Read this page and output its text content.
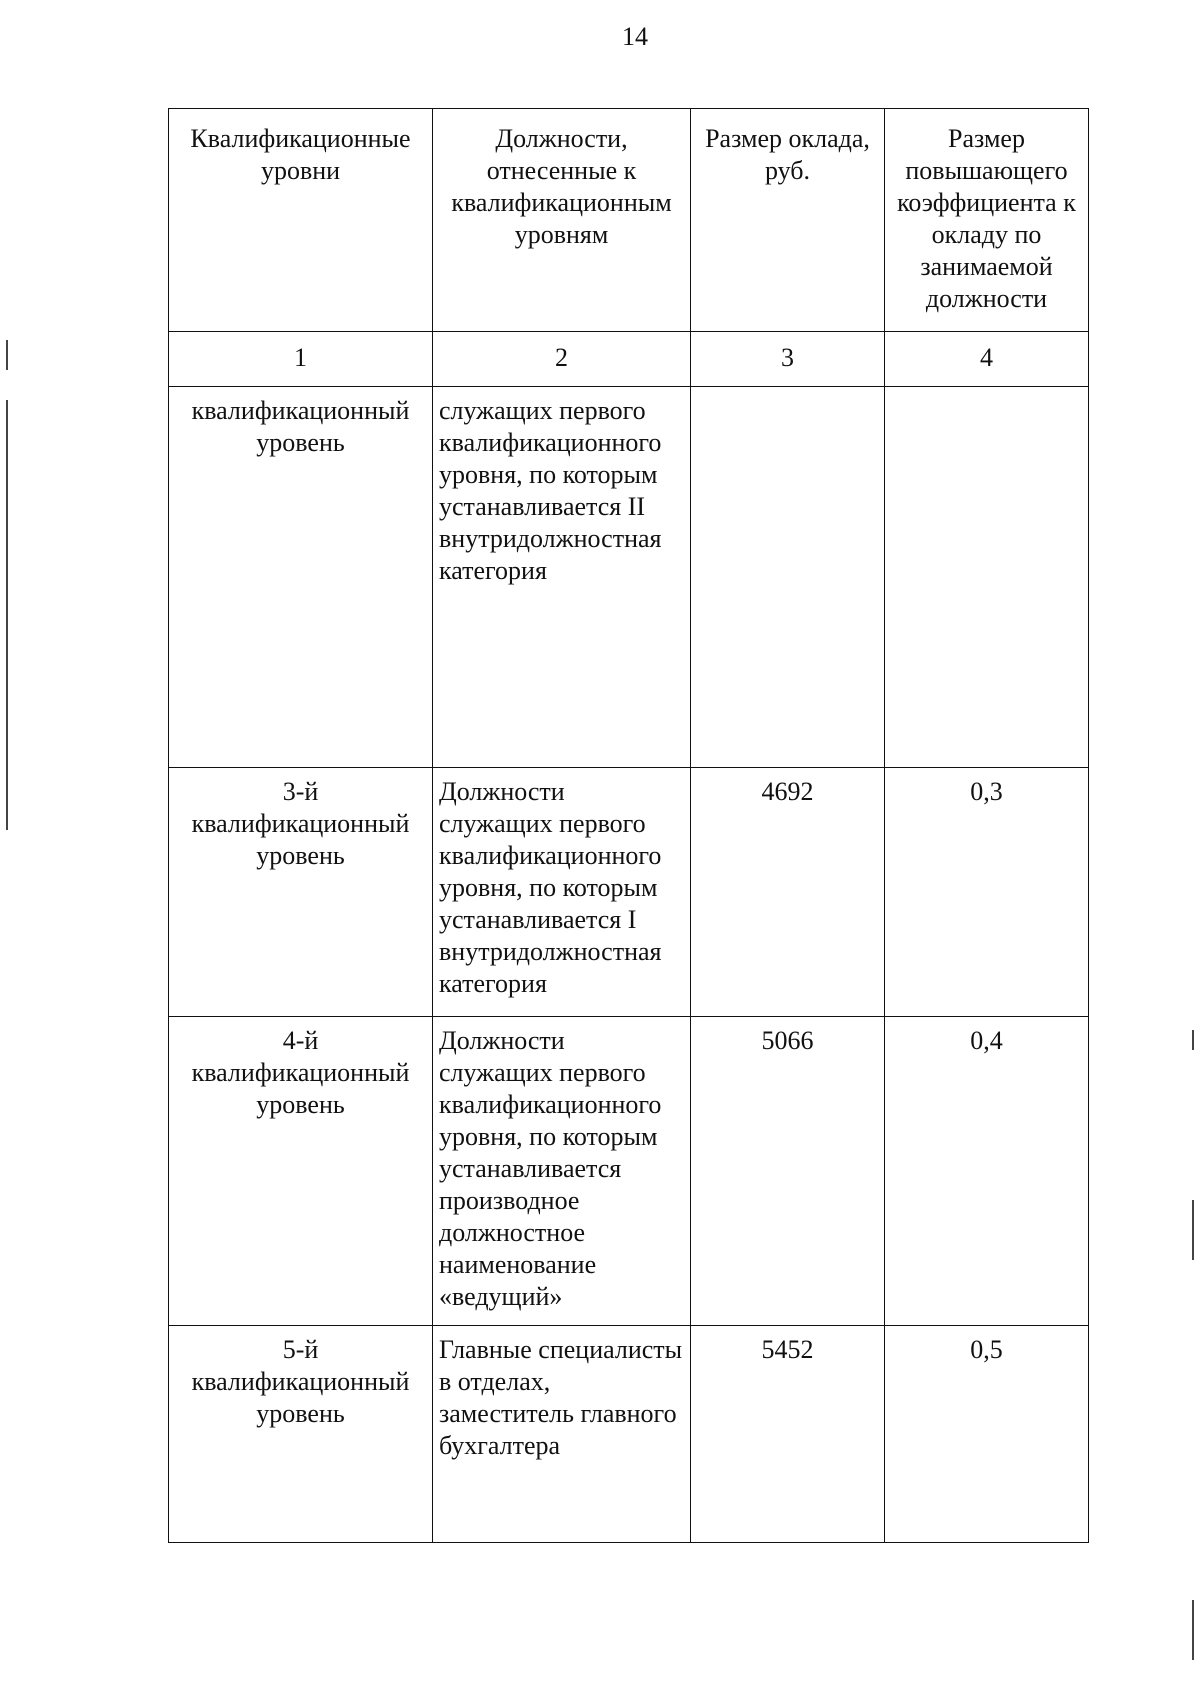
14
Квалификационные уровни	Должности, отнесенные к квалификационным уровням	Размер оклада, руб.	Размер повышающего коэффициента к окладу по занимаемой должности
1	2	3	4
квалификационный уровень	служащих первого квалификационного уровня, по которым устанавливается II внутридолжностная категория		
3-й квалификационный уровень	Должности служащих первого квалификационного уровня, по которым устанавливается I внутридолжностная категория	4692	0,3
4-й квалификационный уровень	Должности служащих первого квалификационного уровня, по которым устанавливается производное должностное наименование «ведущий»	5066	0,4
5-й квалификационный уровень	Главные специалисты в отделах, заместитель главного бухгалтера	5452	0,5
